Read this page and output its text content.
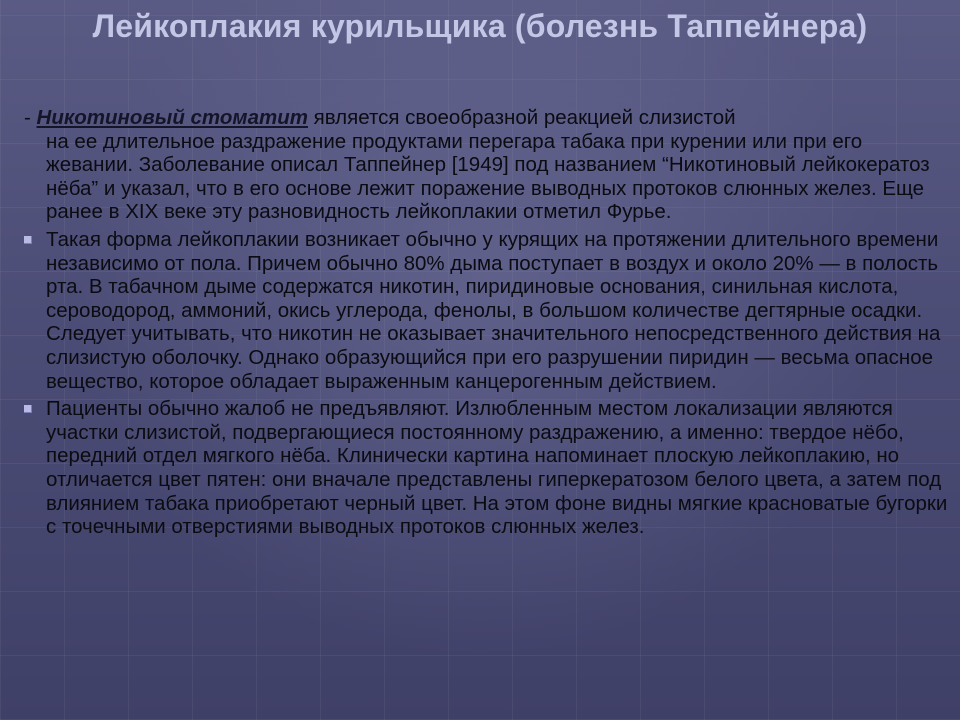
Лейкоплакия курильщика (болезнь Таппейнера)

- Никотиновый стоматит является своеобразной реакцией слизистой
на ее длительное раздражение продуктами перегара табака при курении или при его жевании. Заболевание описал Таппейнер [1949] под названием “Никотиновый лейкокератоз нёба” и указал, что в его основе лежит поражение выводных протоков слюнных желез. Еще ранее в XIX веке эту разновидность лейкоплакии отметил Фурье.

Такая форма лейкоплакии возникает обычно у курящих на протяжении длительного времени независимо от пола. Причем обычно 80% дыма поступает в воздух и около 20% — в полость рта. В табачном дыме содержатся никотин, пиридиновые основания, синильная кислота, сероводород, аммоний, окись углерода, фенолы, в большом количестве дегтярные осадки. Следует учитывать, что никотин не оказывает значительного непосредственного действия на слизистую оболочку. Однако образующийся при его разрушении пиридин — весьма опасное вещество, которое обладает выраженным канцерогенным действием.

Пациенты обычно жалоб не предъявляют. Излюбленным местом локализации являются участки слизистой, подвергающиеся постоянному раздражению, а именно: твердое нёбо, передний отдел мягкого нёба. Клинически картина напоминает плоскую лейкоплакию, но отличается цвет пятен: они вначале представлены гиперкератозом белого цвета, а затем под влиянием табака приобретают черный цвет. На этом фоне видны мягкие красноватые бугорки с точечными отверстиями выводных протоков слюнных желез.
